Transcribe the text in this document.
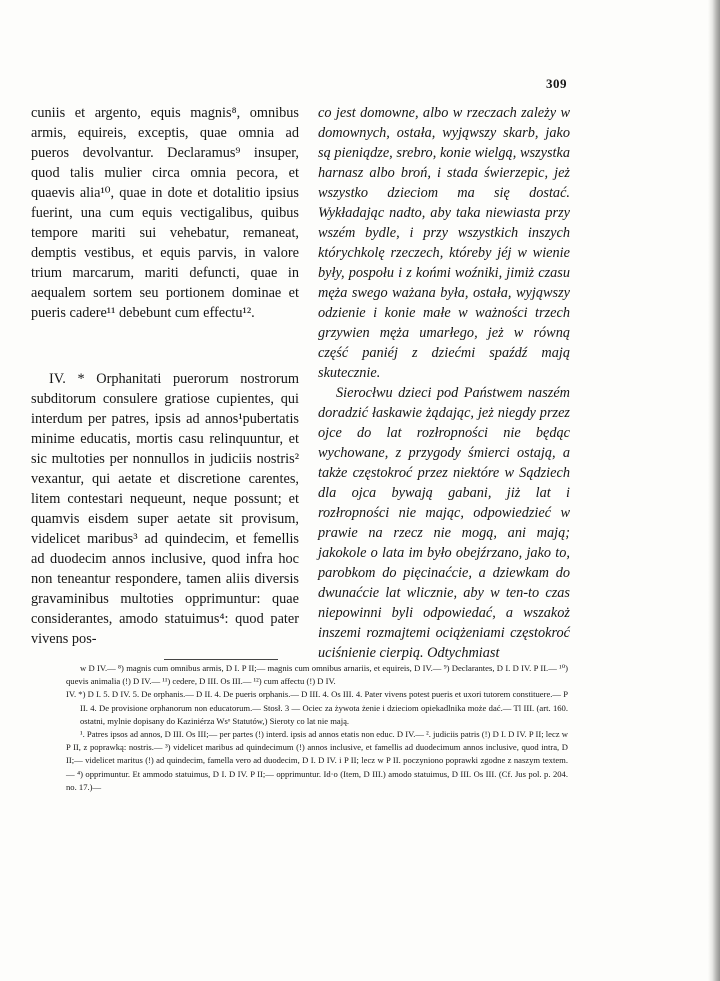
309

cuniis et argento, equis magnis⁸, omnibus armis, equireis, exceptis, quae omnia ad pueros devolvantur. Declaramus⁹ insuper, quod talis mulier circa omnia pecora, et quaevis alia¹⁰, quae in dote et dotalitio ipsius fuerint, una cum equis vectigalibus, quibus tempore mariti sui vehebatur, remaneat, demptis vestibus, et equis parvis, in valore trium marcarum, mariti defuncti, quae in aequalem sortem seu portionem dominae et pueris cadere¹¹ debebunt cum effectu¹².

IV. * Orphanitati puerorum nostrorum subditorum consulere gratiose cupientes, qui interdum per patres, ipsis ad annos¹pubertatis minime educatis, mortis casu relinquuntur, et sic multoties per nonnullos in judiciis nostris² vexantur, qui aetate et discretione carentes, litem contestari nequeunt, neque possunt; et quamvis eisdem super aetate sit provisum, videlicet maribus³ ad quindecim, et femellis ad duodecim annos inclusive, quod infra hoc non teneantur respondere, tamen aliis diversis gravaminibus multoties opprimuntur: quae considerantes, amodo statuimus⁴: quod pater vivens pos-

co jest domowne, albo w rzeczach zależy w domownych, ostała, wyjąwszy skarb, jako są pieniądze, srebro, konie wielgą, wszystka harnasz albo broń, i stada świerzepic, jeż wszystko dzieciom ma się dostać. Wykładając nadto, aby taka niewiasta przy wszém bydle, i przy wszystkich inszych którychkolę rzeczech, któreby jéj w wienie były, pospołu i z końmi woźniki, jimiż czasu męża swego ważana była, ostała, wyjąwszy odzienie i konie małe w ważności trzech grzywien męża umarłego, jeż w równą część paniéj z dziećmi spaźdź mają skutecznie.

Sierocłwu dzieci pod Państwem naszém doradzić łaskawie żądając, jeż niegdy przez ojce do lat rozłropności nie będąc wychowane, z przygody śmierci ostają, a także częstokroć przez niektóre w Sądziech dla ojca bywają gabani, jiż lat i rozłropności nie mając, odpowiedzieć w prawie na rzecz nie mogą, ani mają; jakokole o lata im było obejźrzano, jako to, parobkom do pięcinaćcie, a dziewkam do dwunaćcie lat wlicznie, aby w ten-to czas niepowinni byli odpowiedać, a wszakoż inszemi rozmajtemi ociążeniami częstokroć uciśnienie cierpią. Odtychmiast

w D IV.— ⁸) magnis cum omnibus armis, D I. P II;— magnis cum omnibus arnariis, et equireis, D IV.— ⁹) Declarantes, D I. D IV. P II.— ¹⁰) quevis animalia (!) D IV.— ¹¹) cedere, D III. Os III.— ¹²) cum affectu (!) D IV.

IV. *) D I. 5. D IV. 5. De orphanis.— D II. 4. De pueris orphanis.— D III. 4. Os III. 4. Pater vivens potest pueris et uxori tutorem constituere.— P II. 4. De provisione orphanorum non educatorum.— Stosł. 3 — Ociec za żywota żenie i dzieciom opiekadlnika może dać.— Tl III. (art. 160. ostatni, mylnie dopisany do Kaziniérza Wsᵒ Statutów,) Sieroty co lat nie mają.

¹. Patres ipsos ad annos, D III. Os III;— per partes (!) interd. ipsis ad annos etatis non educ. D IV.— ². judiciis patris (!) D I. D IV. P II; lecz w P II, z poprawką: nostris.— ³) videlicet maribus ad quindecimum (!) annos inclusive, et famellis ad duodecimum annos inclusive, quod intra, D II;— videlicet maritus (!) ad quindecim, famella vero ad duodecim, D I. D IV. i P II; lecz w P II. poczyniono poprawki zgodne z naszym textem.— ⁴) opprimuntur. Et ammodo statuimus, D I. D IV. P II;— opprimuntur. Id·o (Item, D III.) amodo statuimus, D III. Os III. (Cf. Jus pol. p. 204. no. 17.)—
